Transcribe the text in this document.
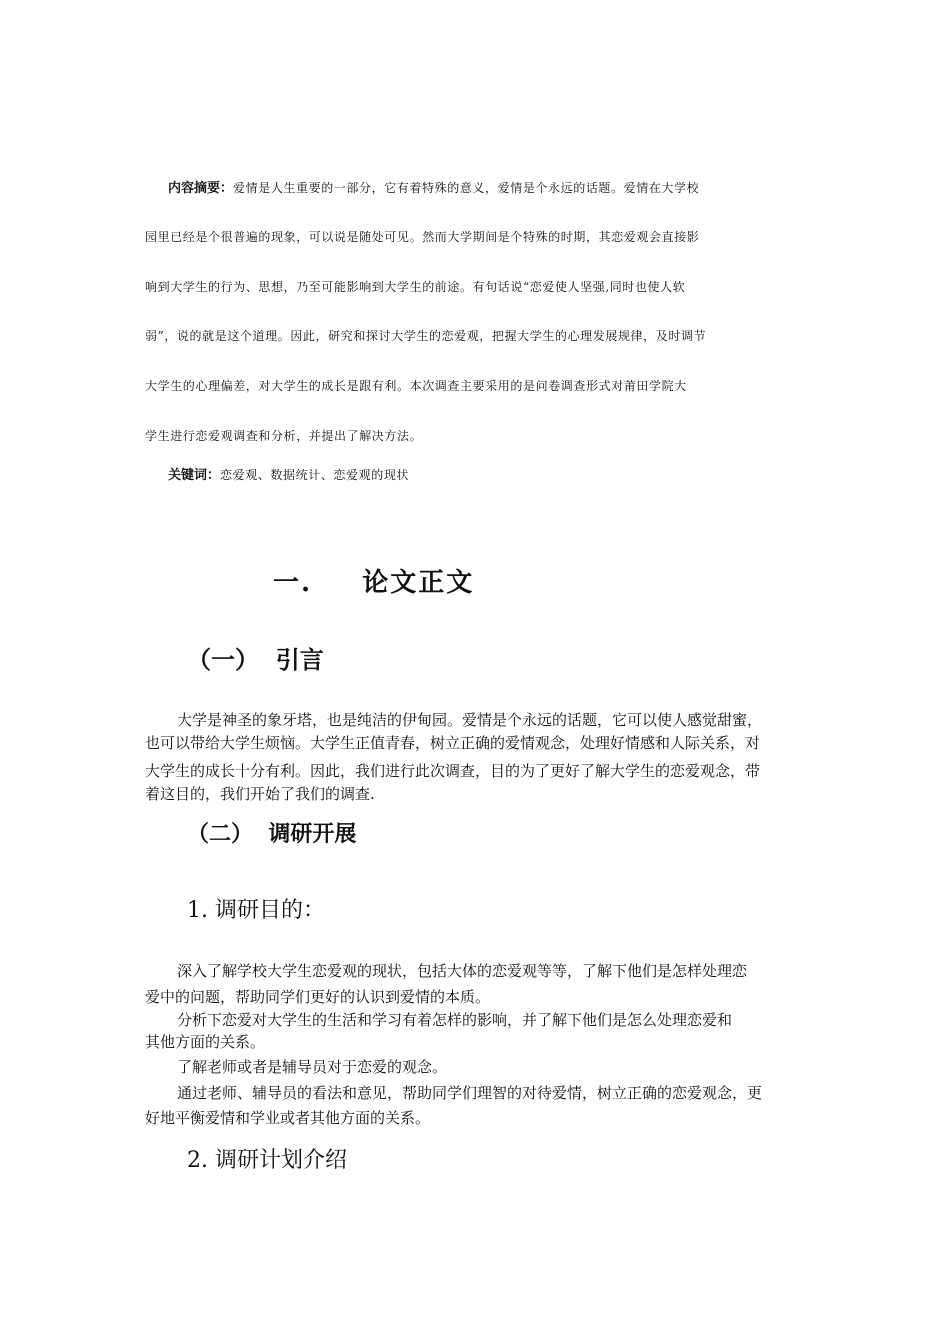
内容摘要：爱情是人生重要的一部分，它有着特殊的意义，爱情是个永远的话题。爱情在大学校
园里已经是个很普遍的现象，可以说是随处可见。然而大学期间是个特殊的时期，其恋爱观会直接影
响到大学生的行为、思想，乃至可能影响到大学生的前途。有句话说“恋爱使人坚强,同时也使人软
弱”，说的就是这个道理。因此，研究和探讨大学生的恋爱观，把握大学生的心理发展规律，及时调节
大学生的心理偏差，对大学生的成长是跟有利。本次调查主要采用的是问卷调查形式对莆田学院大
学生进行恋爱观调查和分析，并提出了解决方法。
关键词：恋爱观、数据统计、恋爱观的现状
一. 论文正文
（一）  引言
大学是神圣的象牙塔，也是纯洁的伊甸园。爱情是个永远的话题，它可以使人感觉甜蜜，
也可以带给大学生烦恼。大学生正值青春，树立正确的爱情观念，处理好情感和人际关系，对
大学生的成长十分有利。因此，我们进行此次调查，目的为了更好了解大学生的恋爱观念，带
着这目的，我们开始了我们的调查.
（二）  调研开展
1. 调研目的：
深入了解学校大学生恋爱观的现状，包括大体的恋爱观等等，了解下他们是怎样处理恋
爱中的问题，帮助同学们更好的认识到爱情的本质。
分析下恋爱对大学生的生活和学习有着怎样的影响，并了解下他们是怎么处理恋爱和
其他方面的关系。
了解老师或者是辅导员对于恋爱的观念。
通过老师、辅导员的看法和意见，帮助同学们理智的对待爱情，树立正确的恋爱观念，更
好地平衡爱情和学业或者其他方面的关系。
2. 调研计划介绍
